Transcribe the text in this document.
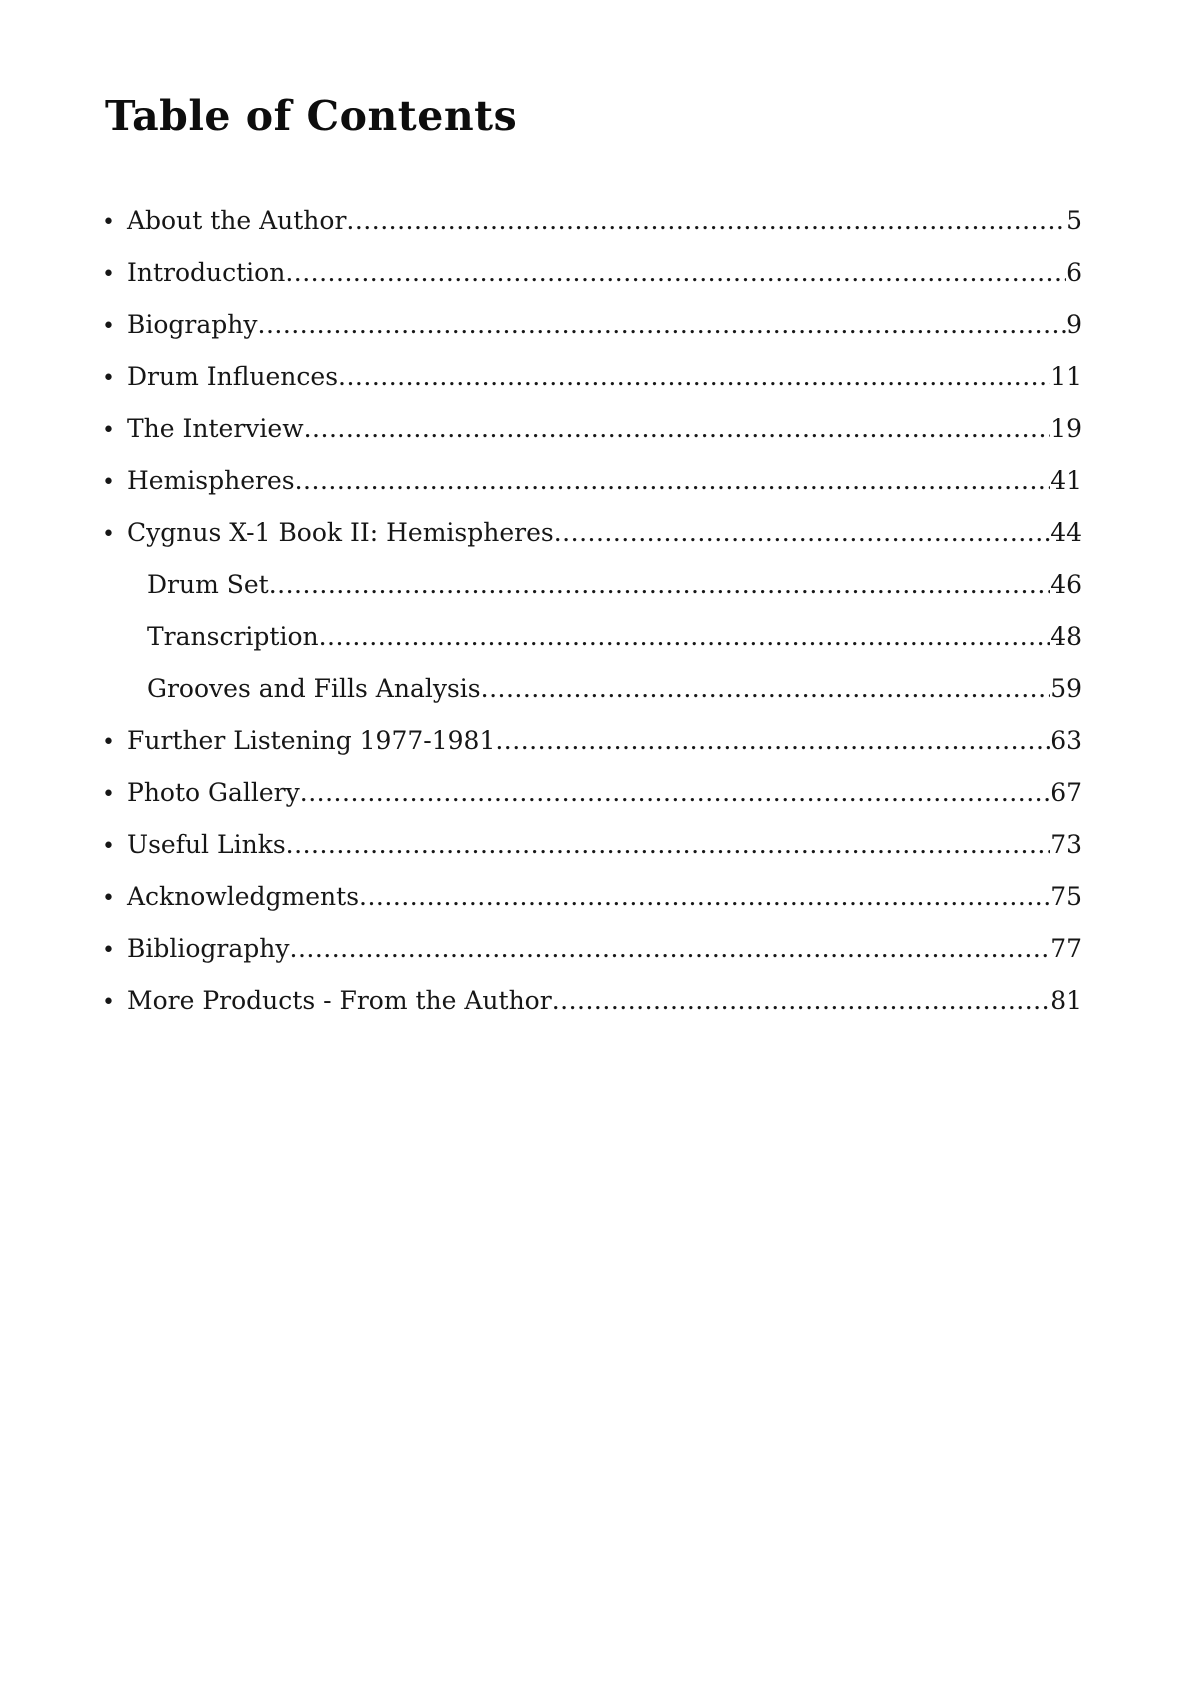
Table of Contents
•
About the Author .....	5
•
Introduction .....	6
•
Biography .....	9
•
Drum Influences .....	11
•
The Interview .....	19
•
Hemispheres .....	41
•
Cygnus X-1 Book II: Hemispheres .....	44
Drum Set .....	46
Transcription .....	48
Grooves and Fills Analysis .....	59
•
Further Listening 1977-1981 .....	63
•
Photo Gallery .....	67
•
Useful Links .....	73
•
Acknowledgments .....	75
•
Bibliography .....	77
•
More Products - From the Author .....	81
